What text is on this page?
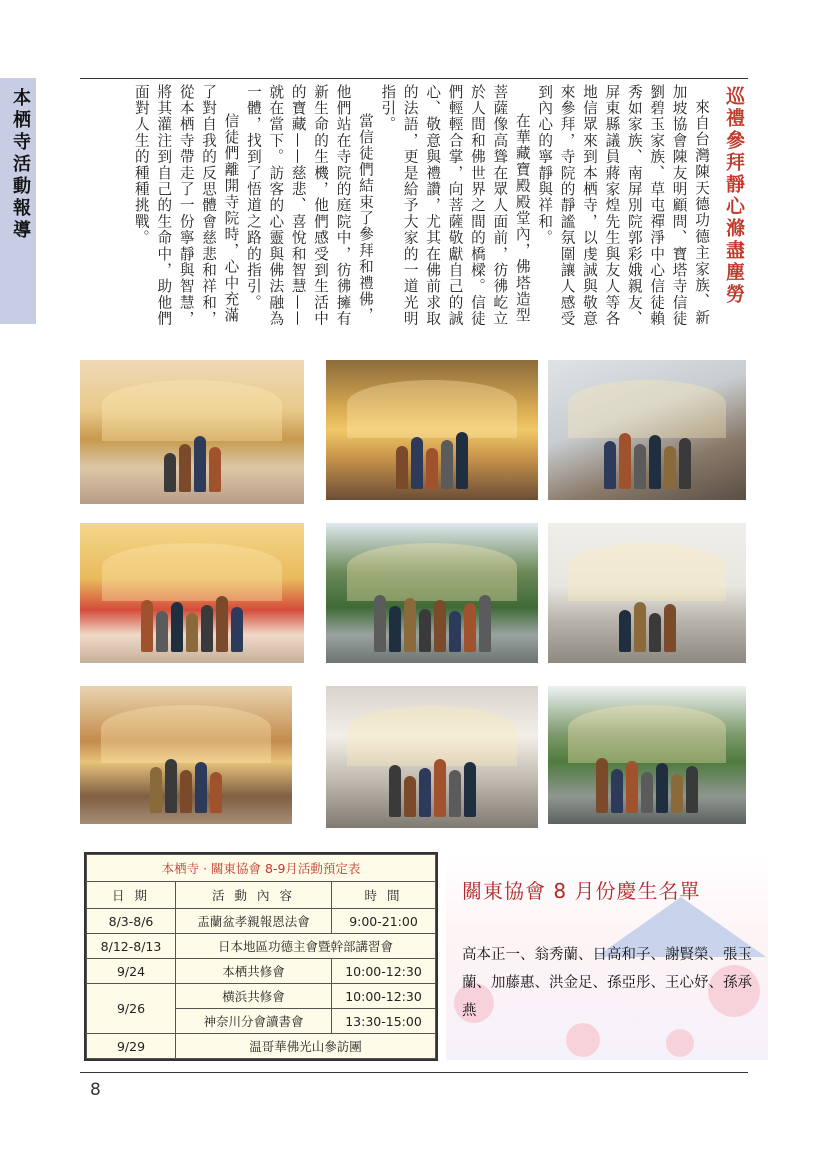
本栖寺活動報導	巡禮參拜靜心滌盡塵勞

來自台灣陳天德功德主家族、新加坡協會陳友明顧問、寶塔寺信徒劉碧玉家族、草屯禪淨中心信徒賴秀如家族、南屏別院郭彩娥親友、屏東縣議員蔣家煌先生與友人等各地信眾來到本栖寺，以虔誠與敬意來參拜，寺院的靜謐氛圍讓人感受到內心的寧靜與祥和。

在華藏寶殿殿堂內，佛塔造型菩薩像高聳在眾人面前，彷彿屹立於人間和佛世界之間的橋樑。信徒們輕輕合掌，向菩薩敬獻自己的誠心、敬意與禮讚，尤其在佛前求取的法語，更是給予大家的一道光明指引。

當信徒們結束了參拜和禮佛，他們站在寺院的庭院中，彷彿擁有新生命的生機，他們感受到生活中的寶藏——慈悲、喜悅和智慧——就在當下。訪客的心靈與佛法融為一體，找到了悟道之路的指引。

信徒們離開寺院時，心中充滿了對自我的反思體會慈悲和祥和，從本栖寺帶走了一份寧靜與智慧，將其灌注到自己的生命中，助他們面對人生的種種挑戰。

本栖寺 · 關東協會 8-9月活動預定表		
日 期	活 動 內 容	時 間
8/3-8/6	盂蘭盆孝親報恩法會	9:00-21:00
8/12-8/13	日本地區功德主會暨幹部講習會	
9/24	本栖共修會	10:00-12:30
9/26	横浜共修會	10:00-12:30
	神奈川分會讀書會	13:30-15:00
9/29	温哥華佛光山參訪團	
關東協會 8 月份慶生名單
高本正一、翁秀蘭、日高和子、謝賢榮、張玉蘭、加藤惠、洪金足、孫亞彤、王心妤、孫承燕
8
